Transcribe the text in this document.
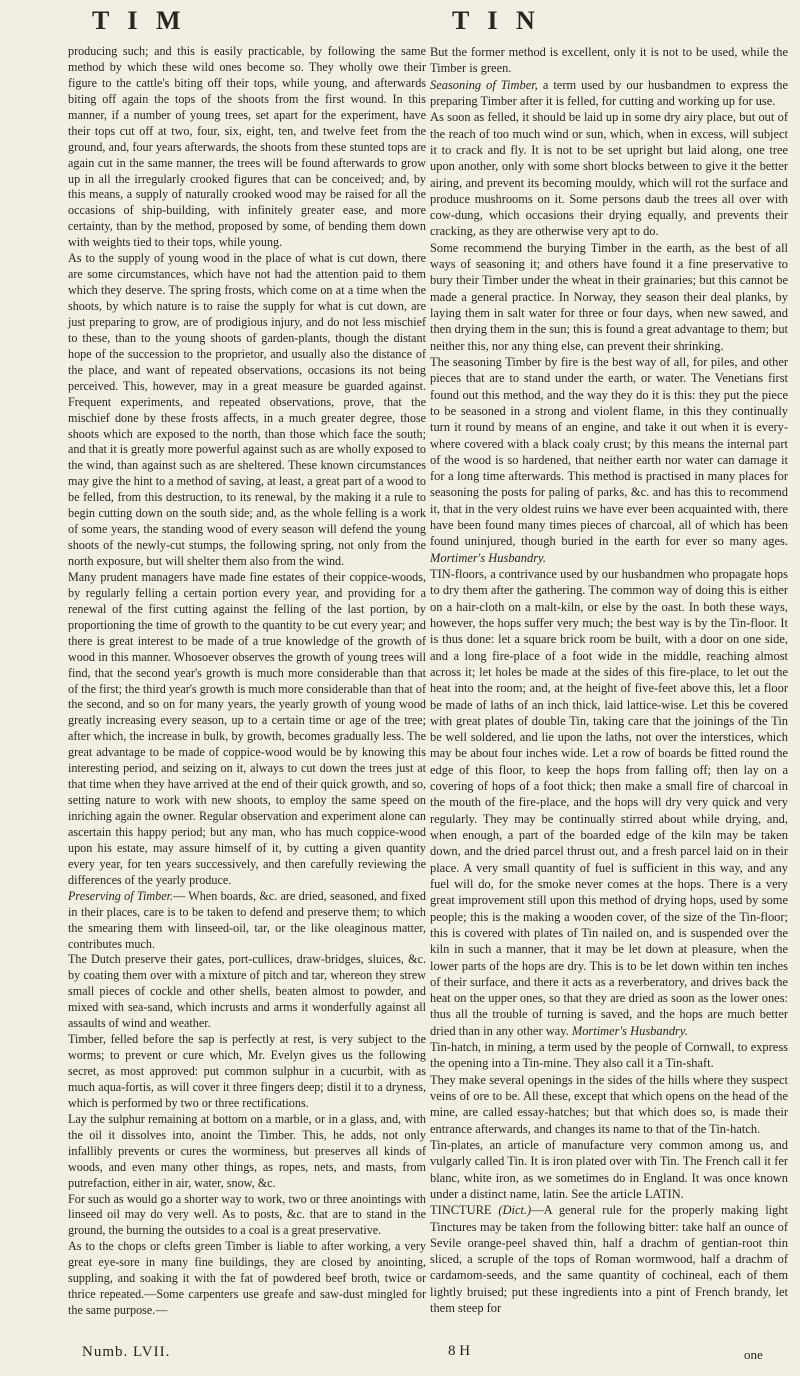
T I M	T I N

producing such; and this is easily practicable, by following the same method by which these wild ones become so. They wholly owe their figure to the cattle's biting off their tops, while young, and afterwards biting off again the tops of the shoots from the first wound. In this manner, if a number of young trees, set apart for the experiment, have their tops cut off at two, four, six, eight, ten, and twelve feet from the ground, and, four years afterwards, the shoots from these stunted tops are again cut in the same manner, the trees will be found afterwards to grow up in all the irregularly crooked figures that can be conceived; and, by this means, a supply of naturally crooked wood may be raised for all the occasions of ship-building, with infinitely greater ease, and more certainty, than by the method, proposed by some, of bending them down with weights tied to their tops, while young.

As to the supply of young wood in the place of what is cut down, there are some circumstances, which have not had the attention paid to them which they deserve. The spring frosts, which come on at a time when the shoots, by which nature is to raise the supply for what is cut down, are just preparing to grow, are of prodigious injury, and do not less mischief to these, than to the young shoots of garden-plants, though the distant hope of the succession to the proprietor, and usually also the distance of the place, and want of repeated observations, occasions its not being perceived. This, however, may in a great measure be guarded against. Frequent experiments, and repeated observations, prove, that the mischief done by these frosts affects, in a much greater degree, those shoots which are exposed to the north, than those which face the south; and that it is greatly more powerful against such as are wholly exposed to the wind, than against such as are sheltered. These known circumstances may give the hint to a method of saving, at least, a great part of a wood to be felled, from this destruction, to its renewal, by the making it a rule to begin cutting down on the south side; and, as the whole felling is a work of some years, the standing wood of every season will defend the young shoots of the newly-cut stumps, the following spring, not only from the north exposure, but will shelter them also from the wind.

Many prudent managers have made fine estates of their coppice-woods, by regularly felling a certain portion every year, and providing for a renewal of the first cutting against the felling of the last portion, by proportioning the time of growth to the quantity to be cut every year; and there is great interest to be made of a true knowledge of the growth of wood in this manner. Whosoever observes the growth of young trees will find, that the second year's growth is much more considerable than that of the first; the third year's growth is much more considerable than that of the second, and so on for many years, the yearly growth of young wood greatly increasing every season, up to a certain time or age of the tree; after which, the increase in bulk, by growth, becomes gradually less. The great advantage to be made of coppice-wood would be by knowing this interesting period, and seizing on it, always to cut down the trees just at that time when they have arrived at the end of their quick growth, and so, setting nature to work with new shoots, to employ the same speed on inriching again the owner. Regular observation and experiment alone can ascertain this happy period; but any man, who has much coppice-wood upon his estate, may assure himself of it, by cutting a given quantity every year, for ten years successively, and then carefully reviewing the differences of the yearly produce.

Preserving of Timber.— When boards, &c. are dried, seasoned, and fixed in their places, care is to be taken to defend and preserve them; to which the smearing them with linseed-oil, tar, or the like oleaginous matter, contributes much.

The Dutch preserve their gates, port-cullices, draw-bridges, sluices, &c. by coating them over with a mixture of pitch and tar, whereon they strew small pieces of cockle and other shells, beaten almost to powder, and mixed with sea-sand, which incrusts and arms it wonderfully against all assaults of wind and weather.

Timber, felled before the sap is perfectly at rest, is very subject to the worms; to prevent or cure which, Mr. Evelyn gives us the following secret, as most approved: put common sulphur in a cucurbit, with as much aqua-fortis, as will cover it three fingers deep; distil it to a dryness, which is performed by two or three rectifications.

Lay the sulphur remaining at bottom on a marble, or in a glass, and, with the oil it dissolves into, anoint the Timber. This, he adds, not only infallibly prevents or cures the worminess, but preserves all kinds of woods, and even many other things, as ropes, nets, and masts, from putrefaction, either in air, water, snow, &c.

For such as would go a shorter way to work, two or three anointings with linseed oil may do very well. As to posts, &c. that are to stand in the ground, the burning the outsides to a coal is a great preservative.

As to the chops or clefts green Timber is liable to after working, a very great eye-sore in many fine buildings, they are closed by anointing, suppling, and soaking it with the fat of powdered beef broth, twice or thrice repeated.—Some carpenters use greafe and saw-dust mingled for the same purpose.—

But the former method is excellent, only it is not to be used, while the Timber is green.

Seasoning of Timber, a term used by our husbandmen to express the preparing Timber after it is felled, for cutting and working up for use.

As soon as felled, it should be laid up in some dry airy place, but out of the reach of too much wind or sun, which, when in excess, will subject it to crack and fly. It is not to be set upright but laid along, one tree upon another, only with some short blocks between to give it the better airing, and prevent its becoming mouldy, which will rot the surface and produce mushrooms on it. Some persons daub the trees all over with cow-dung, which occasions their drying equally, and prevents their cracking, as they are otherwise very apt to do.

Some recommend the burying Timber in the earth, as the best of all ways of seasoning it; and others have found it a fine preservative to bury their Timber under the wheat in their grainaries; but this cannot be made a general practice. In Norway, they season their deal planks, by laying them in salt water for three or four days, when new sawed, and then drying them in the sun; this is found a great advantage to them; but neither this, nor any thing else, can prevent their shrinking.

The seasoning Timber by fire is the best way of all, for piles, and other pieces that are to stand under the earth, or water. The Venetians first found out this method, and the way they do it is this: they put the piece to be seasoned in a strong and violent flame, in this they continually turn it round by means of an engine, and take it out when it is every-where covered with a black coaly crust; by this means the internal part of the wood is so hardened, that neither earth nor water can damage it for a long time afterwards. This method is practised in many places for seasoning the posts for paling of parks, &c. and has this to recommend it, that in the very oldest ruins we have ever been acquainted with, there have been found many times pieces of charcoal, all of which has been found uninjured, though buried in the earth for ever so many ages. Mortimer's Husbandry.

TIN-floors, a contrivance used by our husbandmen who propagate hops to dry them after the gathering. The common way of doing this is either on a hair-cloth on a malt-kiln, or else by the oast. In both these ways, however, the hops suffer very much; the best way is by the Tin-floor. It is thus done: let a square brick room be built, with a door on one side, and a long fire-place of a foot wide in the middle, reaching almost across it; let holes be made at the sides of this fire-place, to let out the heat into the room; and, at the height of five-feet above this, let a floor be made of laths of an inch thick, laid lattice-wise. Let this be covered with great plates of double Tin, taking care that the joinings of the Tin be well soldered, and lie upon the laths, not over the interstices, which may be about four inches wide. Let a row of boards be fitted round the edge of this floor, to keep the hops from falling off; then lay on a covering of hops of a foot thick; then make a small fire of charcoal in the mouth of the fire-place, and the hops will dry very quick and very regularly. They may be continually stirred about while drying, and, when enough, a part of the boarded edge of the kiln may be taken down, and the dried parcel thrust out, and a fresh parcel laid on in their place. A very small quantity of fuel is sufficient in this way, and any fuel will do, for the smoke never comes at the hops. There is a very great improvement still upon this method of drying hops, used by some people; this is the making a wooden cover, of the size of the Tin-floor; this is covered with plates of Tin nailed on, and is suspended over the kiln in such a manner, that it may be let down at pleasure, when the lower parts of the hops are dry. This is to be let down within ten inches of their surface, and there it acts as a reverberatory, and drives back the heat on the upper ones, so that they are dried as soon as the lower ones: thus all the trouble of turning is saved, and the hops are much better dried than in any other way. Mortimer's Husbandry.

Tin-hatch, in mining, a term used by the people of Cornwall, to express the opening into a Tin-mine. They also call it a Tin-shaft.

They make several openings in the sides of the hills where they suspect veins of ore to be. All these, except that which opens on the head of the mine, are called essay-hatches; but that which does so, is made their entrance afterwards, and changes its name to that of the Tin-hatch.

Tin-plates, an article of manufacture very common among us, and vulgarly called Tin. It is iron plated over with Tin. The French call it fer blanc, white iron, as we sometimes do in England. It was once known under a distinct name, latin. See the article LATIN.

TINCTURE (Dict.)—A general rule for the properly making light Tinctures may be taken from the following bitter: take half an ounce of Sevile orange-peel shaved thin, half a drachm of gentian-root thin sliced, a scruple of the tops of Roman wormwood, half a drachm of cardamom-seeds, and the same quantity of cochineal, each of them lightly bruised; put these ingredients into a pint of French brandy, let them steep for

Numb. LVII.	8 H	one
